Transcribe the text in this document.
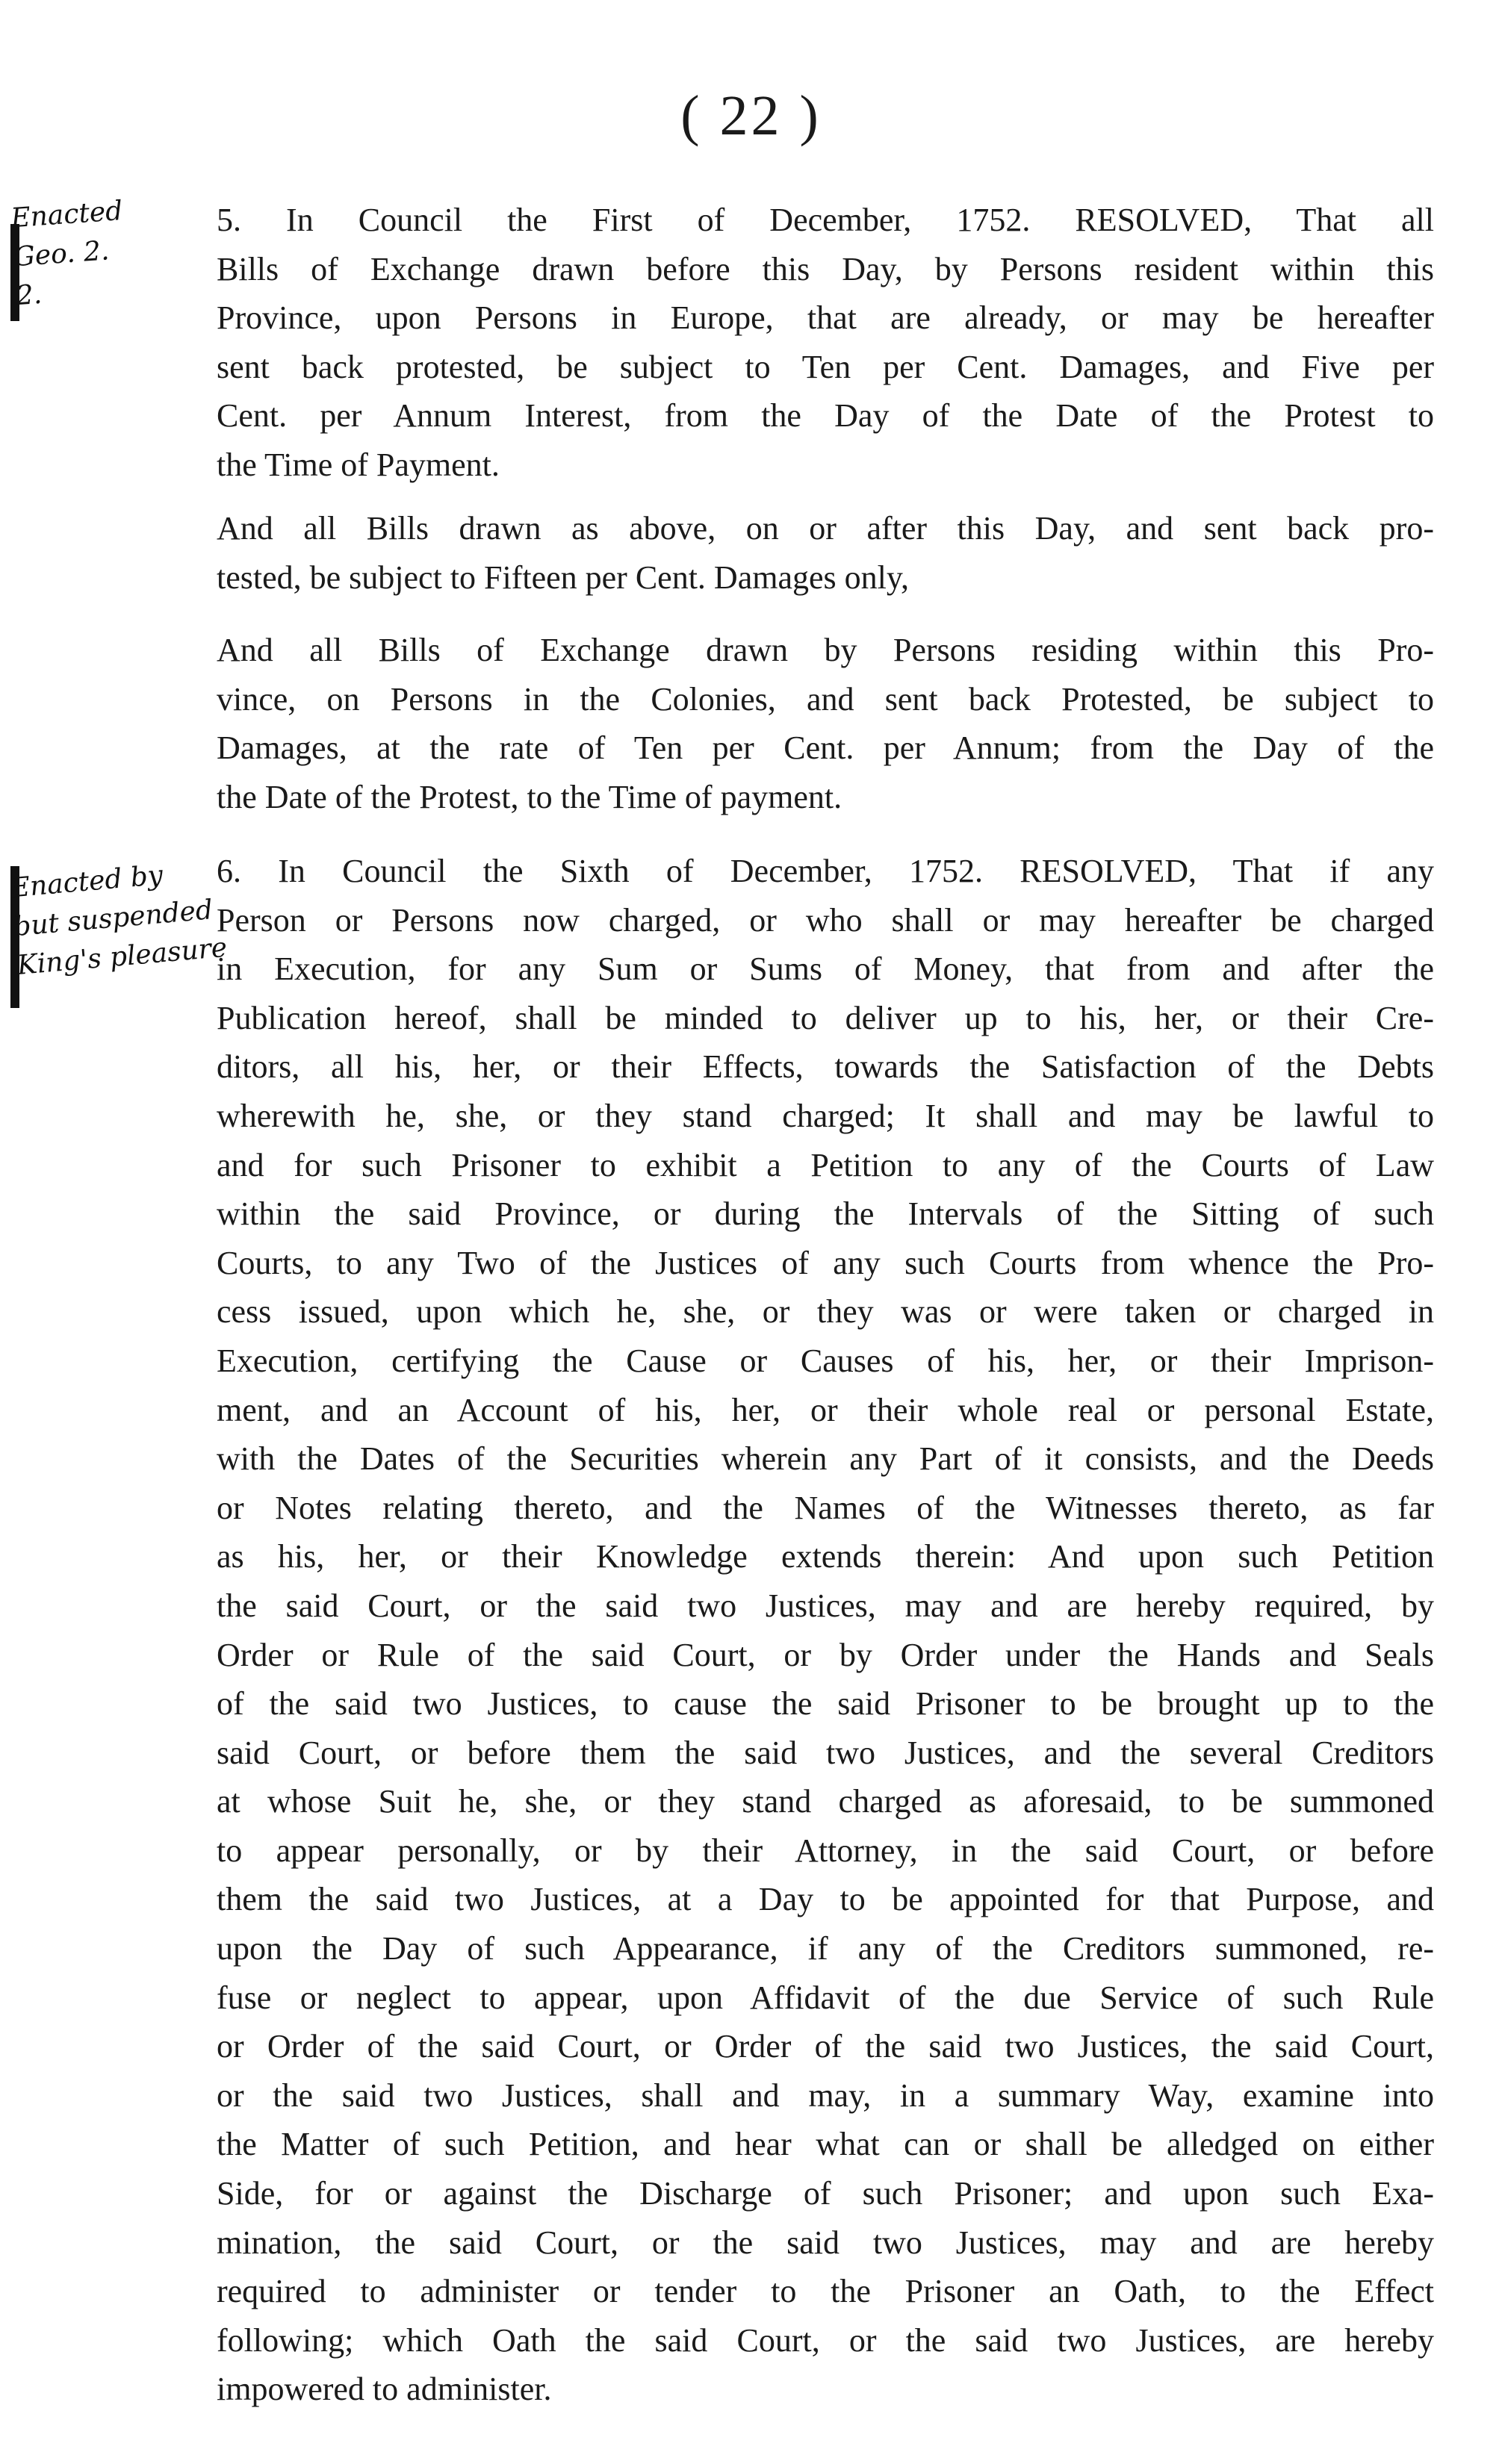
( 22 )
Enacted
Geo. 2.
2.
Enacted by
but suspended
King's pleasure
5. In Council the First of December, 1752. RESOLVED, That all
Bills of Exchange drawn before this Day, by Persons resident within this
Province, upon Persons in Europe, that are already, or may be hereafter
sent back protested, be subject to Ten per Cent. Damages, and Five per
Cent. per Annum Interest, from the Day of the Date of the Protest to
the Time of Payment.
And all Bills drawn as above, on or after this Day, and sent back pro-
tested, be subject to Fifteen per Cent. Damages only,
And all Bills of Exchange drawn by Persons residing within this Pro-
vince, on Persons in the Colonies, and sent back Protested, be subject to
Damages, at the rate of Ten per Cent. per Annum; from the Day of the
the Date of the Protest, to the Time of payment.
6. In Council the Sixth of December, 1752. RESOLVED, That if any
Person or Persons now charged, or who shall or may hereafter be charged
in Execution, for any Sum or Sums of Money, that from and after the
Publication hereof, shall be minded to deliver up to his, her, or their Cre-
ditors, all his, her, or their Effects, towards the Satisfaction of the Debts
wherewith he, she, or they stand charged; It shall and may be lawful to
and for such Prisoner to exhibit a Petition to any of the Courts of Law
within the said Province, or during the Intervals of the Sitting of such
Courts, to any Two of the Justices of any such Courts from whence the Pro-
cess issued, upon which he, she, or they was or were taken or charged in
Execution, certifying the Cause or Causes of his, her, or their Imprison-
ment, and an Account of his, her, or their whole real or personal Estate,
with the Dates of the Securities wherein any Part of it consists, and the Deeds
or Notes relating thereto, and the Names of the Witnesses thereto, as far
as his, her, or their Knowledge extends therein: And upon such Petition
the said Court, or the said two Justices, may and are hereby required, by
Order or Rule of the said Court, or by Order under the Hands and Seals
of the said two Justices, to cause the said Prisoner to be brought up to the
said Court, or before them the said two Justices, and the several Creditors
at whose Suit he, she, or they stand charged as aforesaid, to be summoned
to appear personally, or by their Attorney, in the said Court, or before
them the said two Justices, at a Day to be appointed for that Purpose, and
upon the Day of such Appearance, if any of the Creditors summoned, re-
fuse or neglect to appear, upon Affidavit of the due Service of such Rule
or Order of the said Court, or Order of the said two Justices, the said Court,
or the said two Justices, shall and may, in a summary Way, examine into
the Matter of such Petition, and hear what can or shall be alledged on either
Side, for or against the Discharge of such Prisoner; and upon such Exa-
mination, the said Court, or the said two Justices, may and are hereby
required to administer or tender to the Prisoner an Oath, to the Effect
following; which Oath the said Court, or the said two Justices, are hereby
impowered to administer.
